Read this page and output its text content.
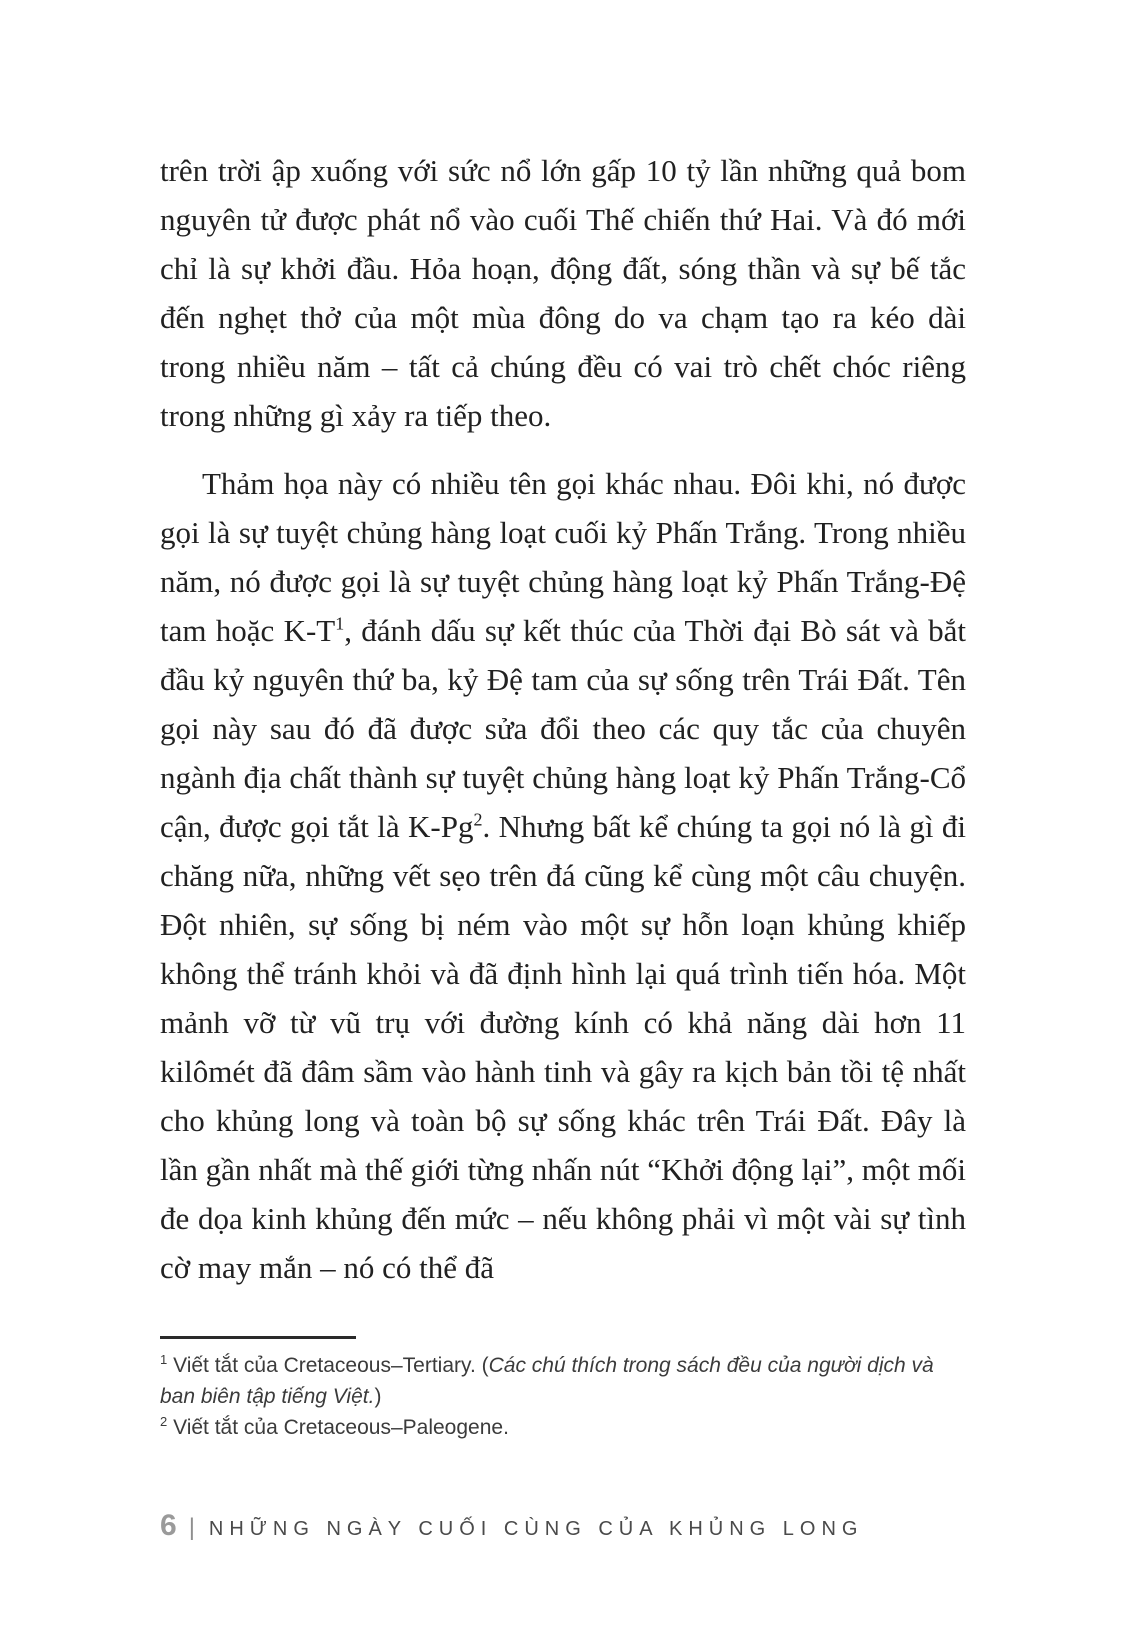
trên trời ập xuống với sức nổ lớn gấp 10 tỷ lần những quả bom nguyên tử được phát nổ vào cuối Thế chiến thứ Hai. Và đó mới chỉ là sự khởi đầu. Hỏa hoạn, động đất, sóng thần và sự bế tắc đến nghẹt thở của một mùa đông do va chạm tạo ra kéo dài trong nhiều năm – tất cả chúng đều có vai trò chết chóc riêng trong những gì xảy ra tiếp theo.

Thảm họa này có nhiều tên gọi khác nhau. Đôi khi, nó được gọi là sự tuyệt chủng hàng loạt cuối kỷ Phấn Trắng. Trong nhiều năm, nó được gọi là sự tuyệt chủng hàng loạt kỷ Phấn Trắng-Đệ tam hoặc $K-T^1$, đánh dấu sự kết thúc của Thời đại Bò sát và bắt đầu kỷ nguyên thứ ba, kỷ Đệ tam của sự sống trên Trái Đất. Tên gọi này sau đó đã được sửa đổi theo các quy tắc của chuyên ngành địa chất thành sự tuyệt chủng hàng loạt kỷ Phấn Trắng-Cổ cận, được gọi tắt là K-Pg$^2$. Nhưng bất kể chúng ta gọi nó là gì đi chăng nữa, những vết sẹo trên đá cũng kể cùng một câu chuyện. Đột nhiên, sự sống bị ném vào một sự hỗn loạn khủng khiếp không thể tránh khỏi và đã định hình lại quá trình tiến hóa. Một mảnh vỡ từ vũ trụ với đường kính có khả năng dài hơn 11 kilômét đã đâm sầm vào hành tinh và gây ra kịch bản tồi tệ nhất cho khủng long và toàn bộ sự sống khác trên Trái Đất. Đây là lần gần nhất mà thế giới từng nhấn nút “Khởi động lại”, một mối đe dọa kinh khủng đến mức – nếu không phải vì một vài sự tình cờ may mắn – nó có thể đã

$^1$ Viết tắt của Cretaceous–Tertiary. (Các chú thích trong sách đều của người dịch và ban biên tập tiếng Việt.)

$^2$ Viết tắt của Cretaceous–Paleogene.

6 | NHỮNG NGÀY CUỐI CÙNG CỦA KHỦNG LONG
